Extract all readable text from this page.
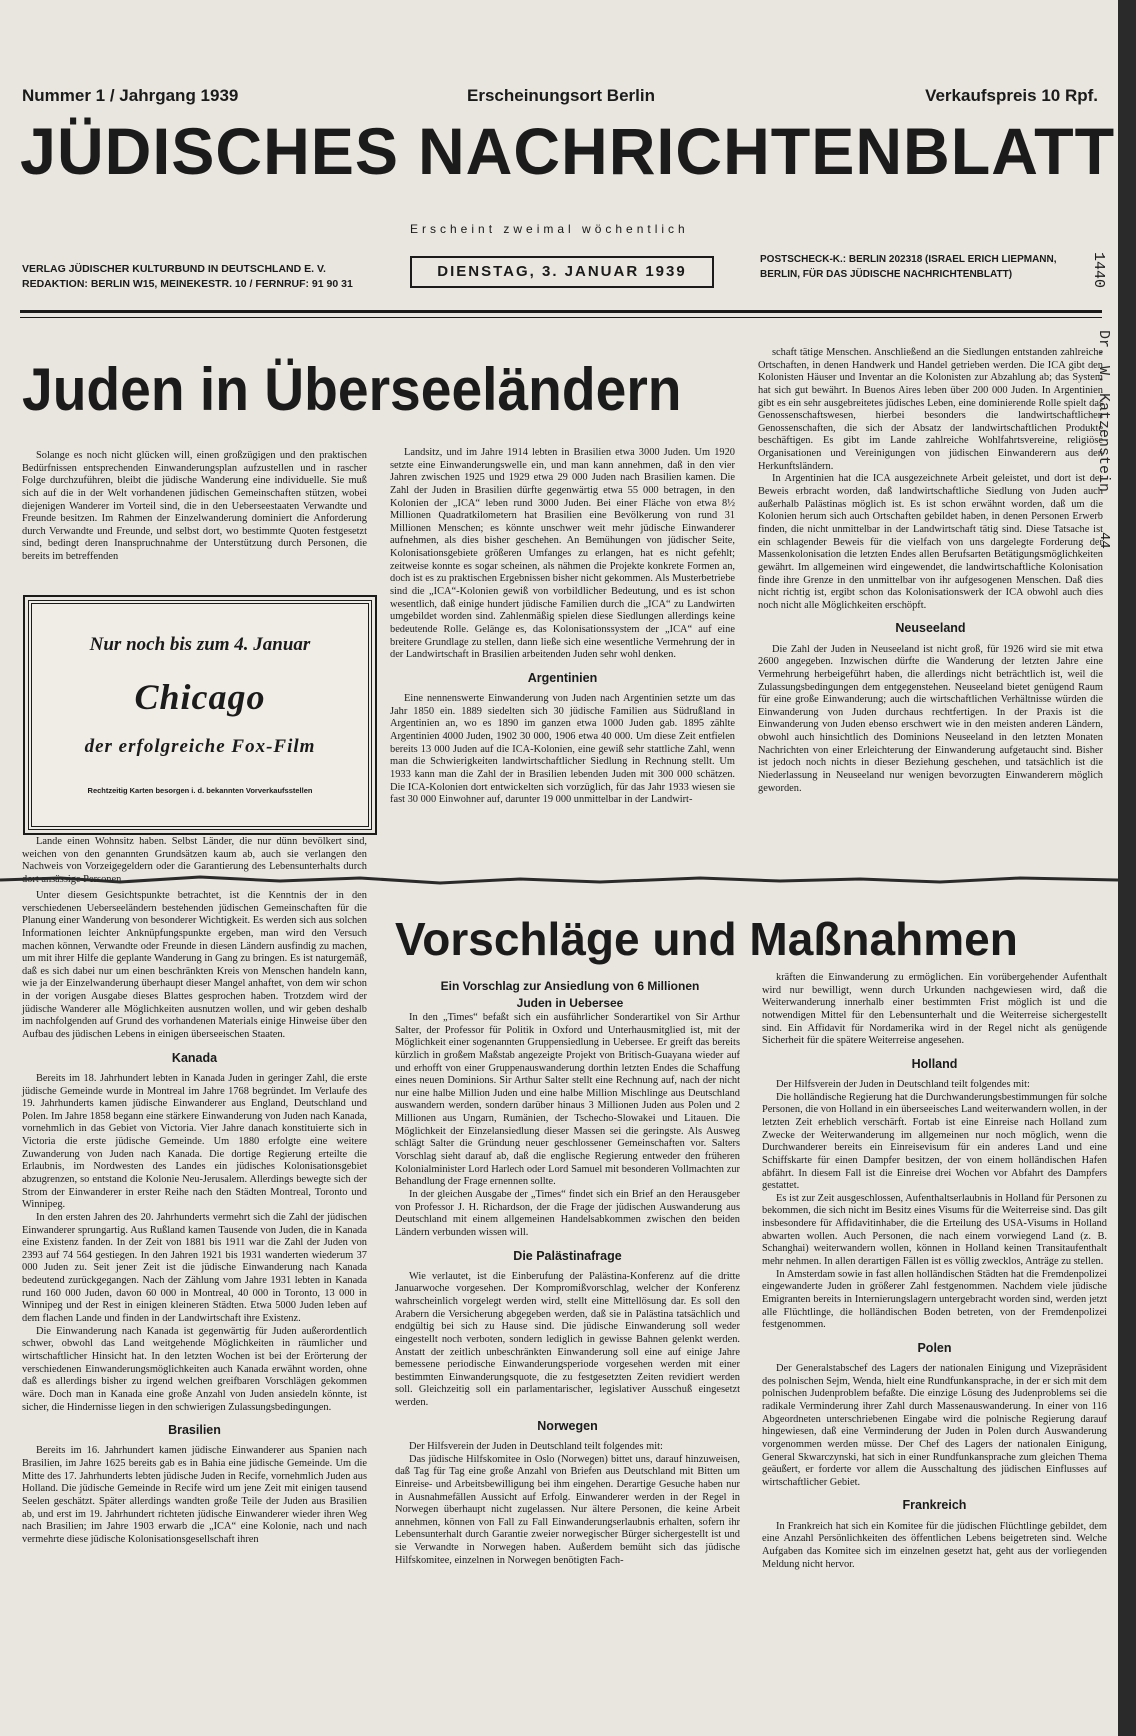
Nummer 1 / Jahrgang 1939	Erscheinungsort Berlin	Verkaufspreis 10 Rpf.
JÜDISCHES NACHRICHTENBLATT
Erscheint zweimal wöchentlich
VERLAG JÜDISCHER KULTURBUND IN DEUTSCHLAND E. V.
REDAKTION: BERLIN W15, MEINEKESTR. 10 / FERNRUF: 91 90 31
DIENSTAG, 3. JANUAR 1939
POSTSCHECK-K.: BERLIN 202318 (ISRAEL ERICH LIEPMANN,
BERLIN, FÜR DAS JÜDISCHE NACHRICHTENBLATT)
Juden in Überseeländern

Solange es noch nicht glücken will, einen großzügigen und den praktischen Bedürfnissen entsprechenden Einwanderungsplan aufzustellen und in rascher Folge durchzuführen, bleibt die jüdische Wanderung eine individuelle. Sie muß sich auf die in der Welt vorhandenen jüdischen Gemeinschaften stützen, wobei diejenigen Wanderer im Vorteil sind, die in den Ueberseestaaten Verwandte und Freunde besitzen. Im Rahmen der Einzelwanderung dominiert die Anforderung durch Verwandte und Freunde, und selbst dort, wo bestimmte Quoten festgesetzt sind, bedingt deren Inanspruchnahme der Unterstützung durch Personen, die bereits im betreffenden

Nur noch bis zum 4. Januar
Chicago
der erfolgreiche Fox-Film
Rechtzeitig Karten besorgen i. d. bekannten Vorverkaufsstellen

Lande einen Wohnsitz haben. Selbst Länder, die nur dünn bevölkert sind, weichen von den genannten Grundsätzen kaum ab, auch sie verlangen den Nachweis von Vorzeigegeldern oder die Garantierung des Lebensunterhalts durch dort ansässige Personen.

Unter diesem Gesichtspunkte betrachtet, ist die Kenntnis der in den verschiedenen Ueberseeländern bestehenden jüdischen Gemeinschaften für die Planung einer Wanderung von besonderer Wichtigkeit. Es werden sich aus solchen Informationen leichter Anknüpfungspunkte ergeben, man wird den Versuch machen können, Verwandte oder Freunde in diesen Ländern ausfindig zu machen, um mit ihrer Hilfe die geplante Wanderung in Gang zu bringen. Es ist naturgemäß, daß es sich dabei nur um einen beschränkten Kreis von Menschen handeln kann, wie ja der Einzelwanderung überhaupt dieser Mangel anhaftet, von dem wir schon in der vorigen Ausgabe dieses Blattes gesprochen haben. Trotzdem wird der jüdische Wanderer alle Möglichkeiten ausnutzen wollen, und wir geben deshalb im nachfolgenden auf Grund des vorhandenen Materials einige Hinweise über den Aufbau des jüdischen Lebens in einigen überseeischen Staaten.

Kanada

Bereits im 18. Jahrhundert lebten in Kanada Juden in geringer Zahl, die erste jüdische Gemeinde wurde in Montreal im Jahre 1768 begründet. Im Verlaufe des 19. Jahrhunderts kamen jüdische Einwanderer aus England, Deutschland und Polen. Im Jahre 1858 begann eine stärkere Einwanderung von Juden nach Kanada, vornehmlich in das Gebiet von Victoria. Vier Jahre danach konstituierte sich in Victoria die erste jüdische Gemeinde. Um 1880 erfolgte eine weitere Zuwanderung von Juden nach Kanada. Die dortige Regierung erteilte die Erlaubnis, im Nordwesten des Landes ein jüdisches Kolonisationsgebiet abzugrenzen, so entstand die Kolonie Neu-Jerusalem. Allerdings bewegte sich der Strom der Einwanderer in erster Reihe nach den Städten Montreal, Toronto und Winnipeg.

In den ersten Jahren des 20. Jahrhunderts vermehrt sich die Zahl der jüdischen Einwanderer sprungartig. Aus Rußland kamen Tausende von Juden, die in Kanada eine Existenz fanden. In der Zeit von 1881 bis 1911 war die Zahl der Juden von 2393 auf 74 564 gestiegen. In den Jahren 1921 bis 1931 wanderten wiederum 37 000 Juden zu. Seit jener Zeit ist die jüdische Einwanderung nach Kanada bedeutend zurückgegangen. Nach der Zählung vom Jahre 1931 lebten in Kanada rund 160 000 Juden, davon 60 000 in Montreal, 40 000 in Toronto, 13 000 in Winnipeg und der Rest in einigen kleineren Städten. Etwa 5000 Juden leben auf dem flachen Lande und finden in der Landwirtschaft ihre Existenz.

Die Einwanderung nach Kanada ist gegenwärtig für Juden außerordentlich schwer, obwohl das Land weitgehende Möglichkeiten in räumlicher und wirtschaftlicher Hinsicht hat. In den letzten Wochen ist bei der Erörterung der verschiedenen Einwanderungsmöglichkeiten auch Kanada erwähnt worden, ohne daß es allerdings bisher zu irgend welchen greifbaren Vorschlägen gekommen wäre. Doch man in Kanada eine große Anzahl von Juden ansiedeln könnte, ist sicher, die Hindernisse liegen in den schwierigen Zulassungsbedingungen.

Brasilien

Bereits im 16. Jahrhundert kamen jüdische Einwanderer aus Spanien nach Brasilien, im Jahre 1625 bereits gab es in Bahia eine jüdische Gemeinde. Um die Mitte des 17. Jahrhunderts lebten jüdische Juden in Recife, vornehmlich Juden aus Holland. Die jüdische Gemeinde in Recife wird um jene Zeit mit einigen tausend Seelen geschätzt. Später allerdings wandten große Teile der Juden aus Brasilien ab, und erst im 19. Jahrhundert richteten jüdische Einwanderer wieder ihren Weg nach Brasilien; im Jahre 1903 erwarb die „ICA“ eine Kolonie, nach und nach vermehrte diese jüdische Kolonisationsgesellschaft ihren

Landsitz, und im Jahre 1914 lebten in Brasilien etwa 3000 Juden. Um 1920 setzte eine Einwanderungswelle ein, und man kann annehmen, daß in den vier Jahren zwischen 1925 und 1929 etwa 29 000 Juden nach Brasilien kamen. Die Zahl der Juden in Brasilien dürfte gegenwärtig etwa 55 000 betragen, in den Kolonien der „ICA“ leben rund 3000 Juden. Bei einer Fläche von etwa 8½ Millionen Quadratkilometern hat Brasilien eine Bevölkerung von rund 31 Millionen Menschen; es könnte unschwer weit mehr jüdische Einwanderer aufnehmen, als dies bisher geschehen. An Bemühungen von jüdischer Seite, Kolonisationsgebiete größeren Umfanges zu erlangen, hat es nicht gefehlt; zeitweise konnte es sogar scheinen, als nähmen die Projekte konkrete Formen an, doch ist es zu praktischen Ergebnissen bisher nicht gekommen. Als Musterbetriebe sind die „ICA“-Kolonien gewiß von vorbildlicher Bedeutung, und es ist schon wesentlich, daß einige hundert jüdische Familien durch die „ICA“ zu Landwirten umgebildet worden sind. Zahlenmäßig spielen diese Siedlungen allerdings keine bedeutende Rolle. Gelänge es, das Kolonisationssystem der „ICA“ auf eine breitere Grundlage zu stellen, dann ließe sich eine wesentliche Vermehrung der in der Landwirtschaft in Brasilien arbeitenden Juden sehr wohl denken.

Argentinien

Eine nennenswerte Einwanderung von Juden nach Argentinien setzte um das Jahr 1850 ein. 1889 siedelten sich 30 jüdische Familien aus Südrußland in Argentinien an, wo es 1890 im ganzen etwa 1000 Juden gab. 1895 zählte Argentinien 4000 Juden, 1902 30 000, 1906 etwa 40 000. Um diese Zeit entfielen bereits 13 000 Juden auf die ICA-Kolonien, eine gewiß sehr stattliche Zahl, wenn man die Schwierigkeiten landwirtschaftlicher Siedlung in Rechnung stellt. Um 1933 kann man die Zahl der in Brasilien lebenden Juden mit 300 000 schätzen. Die ICA-Kolonien dort entwickelten sich vorzüglich, für das Jahr 1933 wiesen sie fast 30 000 Einwohner auf, darunter 19 000 unmittelbar in der Landwirt-

schaft tätige Menschen. Anschließend an die Siedlungen entstanden zahlreiche Ortschaften, in denen Handwerk und Handel getrieben werden. Die ICA gibt den Kolonisten Häuser und Inventar an die Kolonisten zur Abzahlung ab; das System hat sich gut bewährt. In Buenos Aires leben über 200 000 Juden. In Argentinien gibt es ein sehr ausgebreitetes jüdisches Leben, eine dominierende Rolle spielt das Genossenschaftswesen, hierbei besonders die landwirtschaftlichen Genossenschaften, die sich der Absatz der landwirtschaftlichen Produkte beschäftigen. Es gibt im Lande zahlreiche Wohlfahrtsvereine, religiöse Organisationen und Vereinigungen von jüdischen Einwanderern aus den Herkunftsländern.

In Argentinien hat die ICA ausgezeichnete Arbeit geleistet, und dort ist der Beweis erbracht worden, daß landwirtschaftliche Siedlung von Juden auch außerhalb Palästinas möglich ist. Es ist schon erwähnt worden, daß um die Kolonien herum sich auch Ortschaften gebildet haben, in denen Personen Erwerb finden, die nicht unmittelbar in der Landwirtschaft tätig sind. Diese Tatsache ist ein schlagender Beweis für die vielfach von uns dargelegte Forderung der Massenkolonisation die letzten Endes allen Berufsarten Betätigungsmöglichkeiten gewährt. Im allgemeinen wird eingewendet, die landwirtschaftliche Kolonisation finde ihre Grenze in den unmittelbar von ihr aufgesogenen Menschen. Daß dies nicht richtig ist, ergibt schon das Kolonisationswerk der ICA obwohl auch dies noch nicht alle Möglichkeiten erschöpft.

Neuseeland

Die Zahl der Juden in Neuseeland ist nicht groß, für 1926 wird sie mit etwa 2600 angegeben. Inzwischen dürfte die Wanderung der letzten Jahre eine Vermehrung herbeigeführt haben, die allerdings nicht beträchtlich ist, weil die Zulassungsbedingungen dem entgegenstehen. Neuseeland bietet genügend Raum für eine große Einwanderung; auch die wirtschaftlichen Verhältnisse würden die Einwanderung von Juden durchaus rechtfertigen. In der Praxis ist die Einwanderung von Juden ebenso erschwert wie in den meisten anderen Ländern, obwohl auch hinsichtlich des Dominions Neuseeland in den letzten Monaten Nachrichten von einer Erleichterung der Einwanderung aufgetaucht sind. Bisher ist jedoch noch nichts in dieser Beziehung geschehen, und tatsächlich ist die Niederlassung in Neuseeland nur wenigen bevorzugten Einwanderern möglich geworden.

Vorschläge und Maßnahmen
Ein Vorschlag zur Ansiedlung von 6 Millionen
Juden in Uebersee

In den „Times“ befaßt sich ein ausführlicher Sonderartikel von Sir Arthur Salter, der Professor für Politik in Oxford und Unterhausmitglied ist, mit der Möglichkeit einer sogenannten Gruppensiedlung in Uebersee. Er greift das bereits kürzlich in großem Maßstab angezeigte Projekt von Britisch-Guayana wieder auf und erhofft von einer Gruppenauswanderung dorthin letzten Endes die Schaffung eines neuen Dominions. Sir Arthur Salter stellt eine Rechnung auf, nach der nicht nur eine halbe Million Juden und eine halbe Million Mischlinge aus Deutschland auswandern werden, sondern darüber hinaus 3 Millionen Juden aus Polen und 2 Millionen aus Ungarn, Rumänien, der Tschecho-Slowakei und Litauen. Die Möglichkeit der Einzelansiedlung dieser Massen sei die geringste. Als Ausweg schlägt Salter die Gründung neuer geschlossener Gemeinschaften vor. Salters Vorschlag sieht darauf ab, daß die englische Regierung entweder den früheren Kolonialminister Lord Harlech oder Lord Samuel mit besonderen Vollmachten zur Behandlung der Frage ernennen sollte.

In der gleichen Ausgabe der „Times“ findet sich ein Brief an den Herausgeber von Professor J. H. Richardson, der die Frage der jüdischen Auswanderung aus Deutschland mit einem allgemeinen Handelsabkommen zwischen den beiden Ländern verbunden wissen will.

Die Palästinafrage

Wie verlautet, ist die Einberufung der Palästina-Konferenz auf die dritte Januarwoche vorgesehen. Der Kompromißvorschlag, welcher der Konferenz wahrscheinlich vorgelegt werden wird, stellt eine Mittellösung dar. Es soll den Arabern die Versicherung abgegeben werden, daß sie in Palästina tatsächlich und endgültig bei sich zu Hause sind. Die jüdische Einwanderung soll weder eingestellt noch verboten, sondern lediglich in gewisse Bahnen gelenkt werden. Anstatt der zeitlich unbeschränkten Einwanderung soll eine auf einige Jahre bemessene periodische Einwanderungsperiode vorgesehen werden mit einer bestimmten Einwanderungsquote, die zu festgesetzten Zeiten revidiert werden soll. Gleichzeitig soll ein parlamentarischer, legislativer Ausschuß eingesetzt werden.

Norwegen

Der Hilfsverein der Juden in Deutschland teilt folgendes mit:

Das jüdische Hilfskomitee in Oslo (Norwegen) bittet uns, darauf hinzuweisen, daß Tag für Tag eine große Anzahl von Briefen aus Deutschland mit Bitten um Einreise- und Arbeitsbewilligung bei ihm eingehen. Derartige Gesuche haben nur in Ausnahmefällen Aussicht auf Erfolg. Einwanderer werden in der Regel in Norwegen überhaupt nicht zugelassen. Nur ältere Personen, die keine Arbeit annehmen, können von Fall zu Fall Einwanderungserlaubnis erhalten, sofern ihr Lebensunterhalt durch Garantie zweier norwegischer Bürger sichergestellt ist und sie Verwandte in Norwegen haben. Außerdem bemüht sich das jüdische Hilfskomitee, einzelnen in Norwegen benötigten Fach-

kräften die Einwanderung zu ermöglichen. Ein vorübergehender Aufenthalt wird nur bewilligt, wenn durch Urkunden nachgewiesen wird, daß die Weiterwanderung innerhalb einer bestimmten Frist möglich ist und die notwendigen Mittel für den Lebensunterhalt und die Weiterreise sichergestellt sind. Ein Affidavit für Nordamerika wird in der Regel nicht als genügende Sicherheit für die spätere Weiterreise angesehen.

Holland

Der Hilfsverein der Juden in Deutschland teilt folgendes mit:

Die holländische Regierung hat die Durchwanderungsbestimmungen für solche Personen, die von Holland in ein überseeisches Land weiterwandern wollen, in der letzten Zeit erheblich verschärft. Fortab ist eine Einreise nach Holland zum Zwecke der Weiterwanderung im allgemeinen nur noch möglich, wenn die Durchwanderer bereits ein Einreisevisum für ein anderes Land und eine Schiffskarte für einen Dampfer besitzen, der von einem holländischen Hafen abfährt. In diesem Fall ist die Einreise drei Wochen vor Abfahrt des Dampfers gestattet.

Es ist zur Zeit ausgeschlossen, Aufenthaltserlaubnis in Holland für Personen zu bekommen, die sich nicht im Besitz eines Visums für die Weiterreise sind. Das gilt insbesondere für Affidavitinhaber, die die Erteilung des USA-Visums in Holland abwarten wollen. Auch Personen, die nach einem vorwiegend Land (z. B. Schanghai) weiterwandern wollen, können in Holland keinen Transitaufenthalt mehr nehmen. In allen derartigen Fällen ist es völlig zwecklos, Anträge zu stellen.

In Amsterdam sowie in fast allen holländischen Städten hat die Fremdenpolizei eingewanderte Juden in größerer Zahl festgenommen. Nachdem viele jüdische Emigranten bereits in Internierungslagern untergebracht worden sind, werden jetzt alle Flüchtlinge, die holländischen Boden betreten, von der Fremdenpolizei festgenommen.

Polen

Der Generalstabschef des Lagers der nationalen Einigung und Vizepräsident des polnischen Sejm, Wenda, hielt eine Rundfunkansprache, in der er sich mit dem polnischen Judenproblem befaßte. Die einzige Lösung des Judenproblems sei die radikale Verminderung ihrer Zahl durch Massenauswanderung. In einer von 116 Abgeordneten unterschriebenen Eingabe wird die polnische Regierung darauf hingewiesen, daß eine Verminderung der Juden in Polen durch Auswanderung vorgenommen werden müsse. Der Chef des Lagers der nationalen Einigung, General Skwarczynski, hat sich in einer Rundfunkansprache zum gleichen Thema geäußert, er forderte vor allem die Ausschaltung des jüdischen Einflusses auf wirtschaftlicher Gebiet.

Frankreich

In Frankreich hat sich ein Komitee für die jüdischen Flüchtlinge gebildet, dem eine Anzahl Persönlichkeiten des öffentlichen Lebens beigetreten sind. Welche Aufgaben das Komitee sich im einzelnen gesetzt hat, geht aus der vorliegenden Meldung nicht hervor.

1440
Dr. W. Katzenstein
44
